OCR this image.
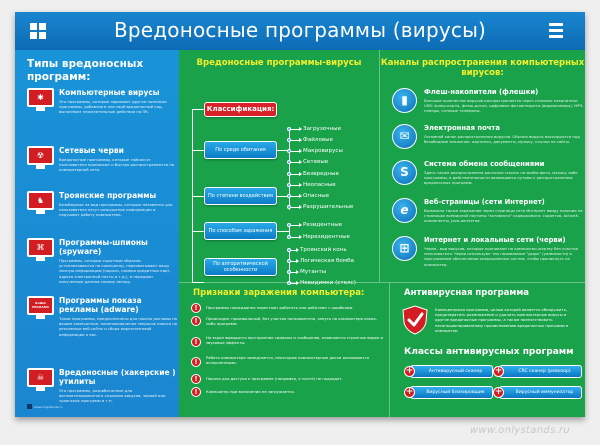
Вредоносные программы (вирусы)
Типы вредоносных программ:
✱
Компьютерные вирусы
Это программы, которые заражают другие полезные программы, добавляя в них свой вредоносный код, выполняют нежелательные действия на ПК.
☢
Сетевые черви
Вредоносные программы, которые тайком от пользователя проникают и быстро распространяются по компьютерной сети.
♞
Троянские программы
Безобидные на вид программы, которые незаметно для пользователя несут разрушение информации и нарушают работу компьютера.
⌘
Программы-шпионы (spyware)
Программы, которые скрытным образом устанавливаются на компьютер, перехватывают вашу личную информацию (пароли, номера кредитных карт, адреса электронной почты и т.д.), и передают полученные данные своему автору.
ВАША РЕКЛАМА
Программы показа рекламы (adware)
Такие программы, предназначены для показа рекламы на вашем компьютере, перенаправления запросов поиска на рекламные веб-сайты и сбора маркетинговой информации о вас.
☠
Вредоносные (хакерские ) утилиты
Это программы, разработанные для автоматизированного создания вирусов, червей или троянских программ и т.п.
www.onlystands.ru
Вредоносные программы-вирусы
Классификация:
По среде обитания
Загрузочные
Файловые
Макровирусы
Сетевые
По степени воздействия
Безвредные
Неопасные
Опасные
Разрушительные
По способам заражения
Резидентные
Нерезидентные
По алгоритмической особенности
Троянский конь
Логическая бомба
Мутанты
Невидимки (стелс)
Каналы распространения компьютерных вирусов:
▮
Флеш-накопители (флешки)
Большое количество вирусов распространяется через съемные накопители USB: флеш-карты, флеш-диски, цифровые фотоаппараты (видеокамеры), MP3-плееры, сотовые телефоны.
✉
Электронная почта
Основной канал распространения вирусов. Обычно вирусы маскируются под безобидные вложения: картинки, документы, музыку, ссылки на сайты.
S
Система обмена сообщениями
Здесь также распространена рассылка ссылок на якобы фото, музыку либо программы, в действительности являющиеся путями к распространению вредоносных программ.
e
Веб-страницы (сети Интернет)
Возможно также заражение через страницы сети Интернет ввиду наличия на страницах всемирной паутины "активного" содержимого: скриптов, ActiveX-компоненты, Java-апплетов.
⊞
Интернет и локальные сети (черви)
Черви - вид вирусов, которые проникают на компьютер-жертву без участия пользователя. Черви используют так называемые "дыры" (уязвимости) в программном обеспечении операционных систем, чтобы проникнуть на компьютер.
Признаки заражения компьютера:
!	Программы неожиданно перестают работать или работают с ошибками.
!	Происходит произвольный, без участия пользователя, запуск на компьютере каких-либо программ.
!
На экран выводятся посторонние символы и сообщения, появляются странные видео и звуковые эффекты.
!
Работа компьютера замедляется, некоторые компьютерные диски оказываются испорченными.
!	Пароли для доступа к программе (например, к почте) не подходят.
!	Компьютер при включении не загружается.
Антивирусная программа
Компьютерная программа, целью которой является обнаружить, предотвратить размножение и удалить компьютерные вирусы и другие вредоносные программы, а также препятствовать несанкционированному проникновению вредоносных программ в компьютер.
Классы антивирусных программ
Антивирусный сканер
+	CRC сканер (ревизор)
+
Вирусный блокировщик
+	Вирусный иммунизатор
+
www.onlystands.ru
